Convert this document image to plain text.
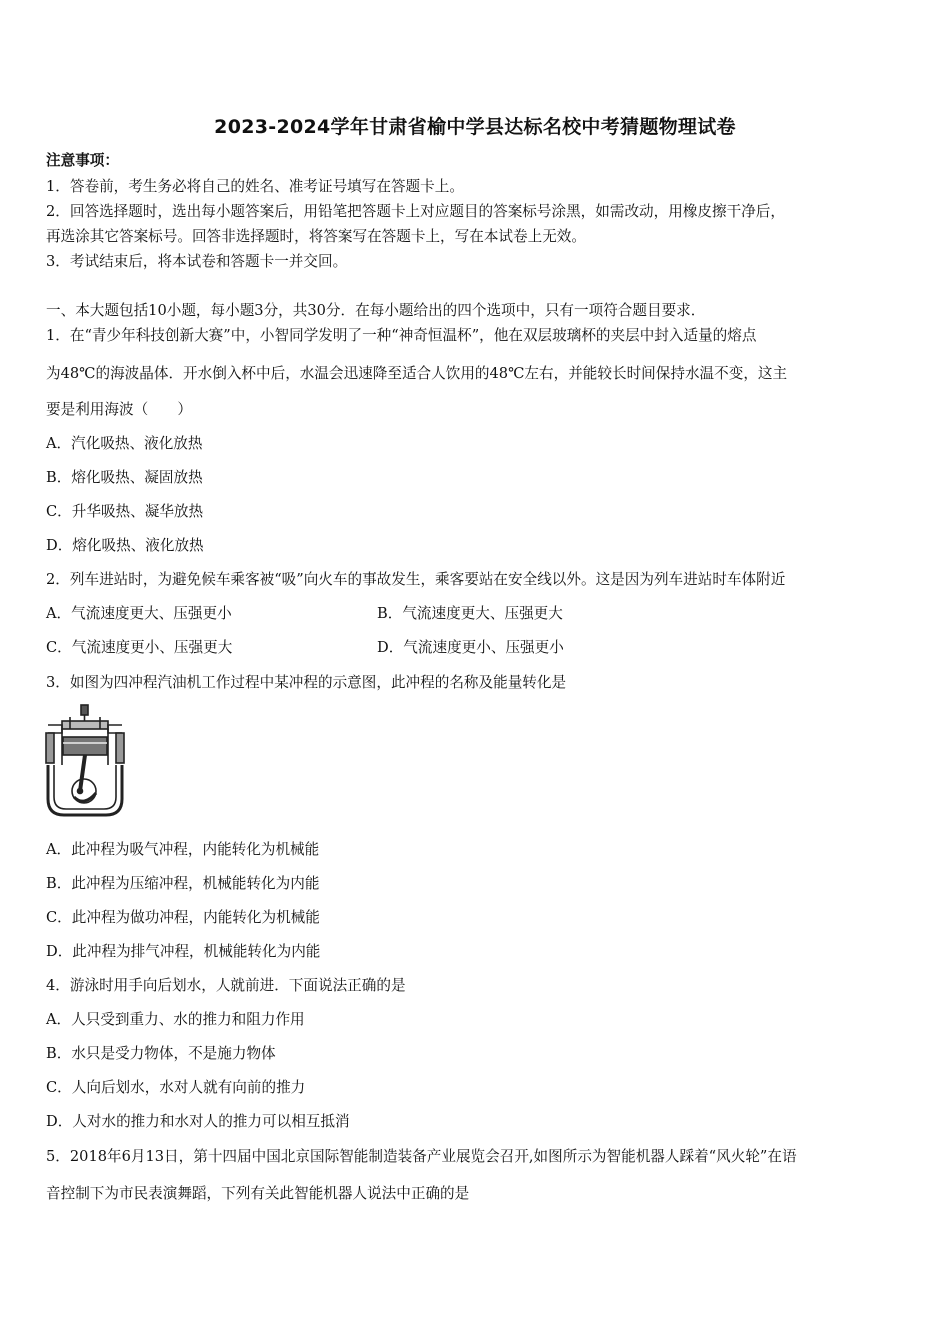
2023-2024学年甘肃省榆中学县达标名校中考猜题物理试卷
注意事项：
1．答卷前，考生务必将自己的姓名、准考证号填写在答题卡上。
2．回答选择题时，选出每小题答案后，用铅笔把答题卡上对应题目的答案标号涂黑，如需改动，用橡皮擦干净后，
再选涂其它答案标号。回答非选择题时，将答案写在答题卡上，写在本试卷上无效。
3．考试结束后，将本试卷和答题卡一并交回。
一、本大题包括10小题，每小题3分，共30分．在每小题给出的四个选项中，只有一项符合题目要求．
1．在“青少年科技创新大赛”中，小智同学发明了一种“神奇恒温杯”，他在双层玻璃杯的夹层中封入适量的熔点
为48℃的海波晶体．开水倒入杯中后，水温会迅速降至适合人饮用的48℃左右，并能较长时间保持水温不变，这主
要是利用海波（　　）
A．汽化吸热、液化放热
B．熔化吸热、凝固放热
C．升华吸热、凝华放热
D．熔化吸热、液化放热
2．列车进站时，为避免候车乘客被“吸”向火车的事故发生，乘客要站在安全线以外。这是因为列车进站时车体附近
A．气流速度更大、压强更小	B．气流速度更大、压强更大
C．气流速度更小、压强更大	D．气流速度更小、压强更小
3．如图为四冲程汽油机工作过程中某冲程的示意图，此冲程的名称及能量转化是
A．此冲程为吸气冲程，内能转化为机械能
B．此冲程为压缩冲程，机械能转化为内能
C．此冲程为做功冲程，内能转化为机械能
D．此冲程为排气冲程，机械能转化为内能
4．游泳时用手向后划水，人就前进．下面说法正确的是
A．人只受到重力、水的推力和阻力作用
B．水只是受力物体，不是施力物体
C．人向后划水，水对人就有向前的推力
D．人对水的推力和水对人的推力可以相互抵消
5．2018年6月13日，第十四届中国北京国际智能制造装备产业展览会召开,如图所示为智能机器人踩着“风火轮”在语
音控制下为市民表演舞蹈，下列有关此智能机器人说法中正确的是
